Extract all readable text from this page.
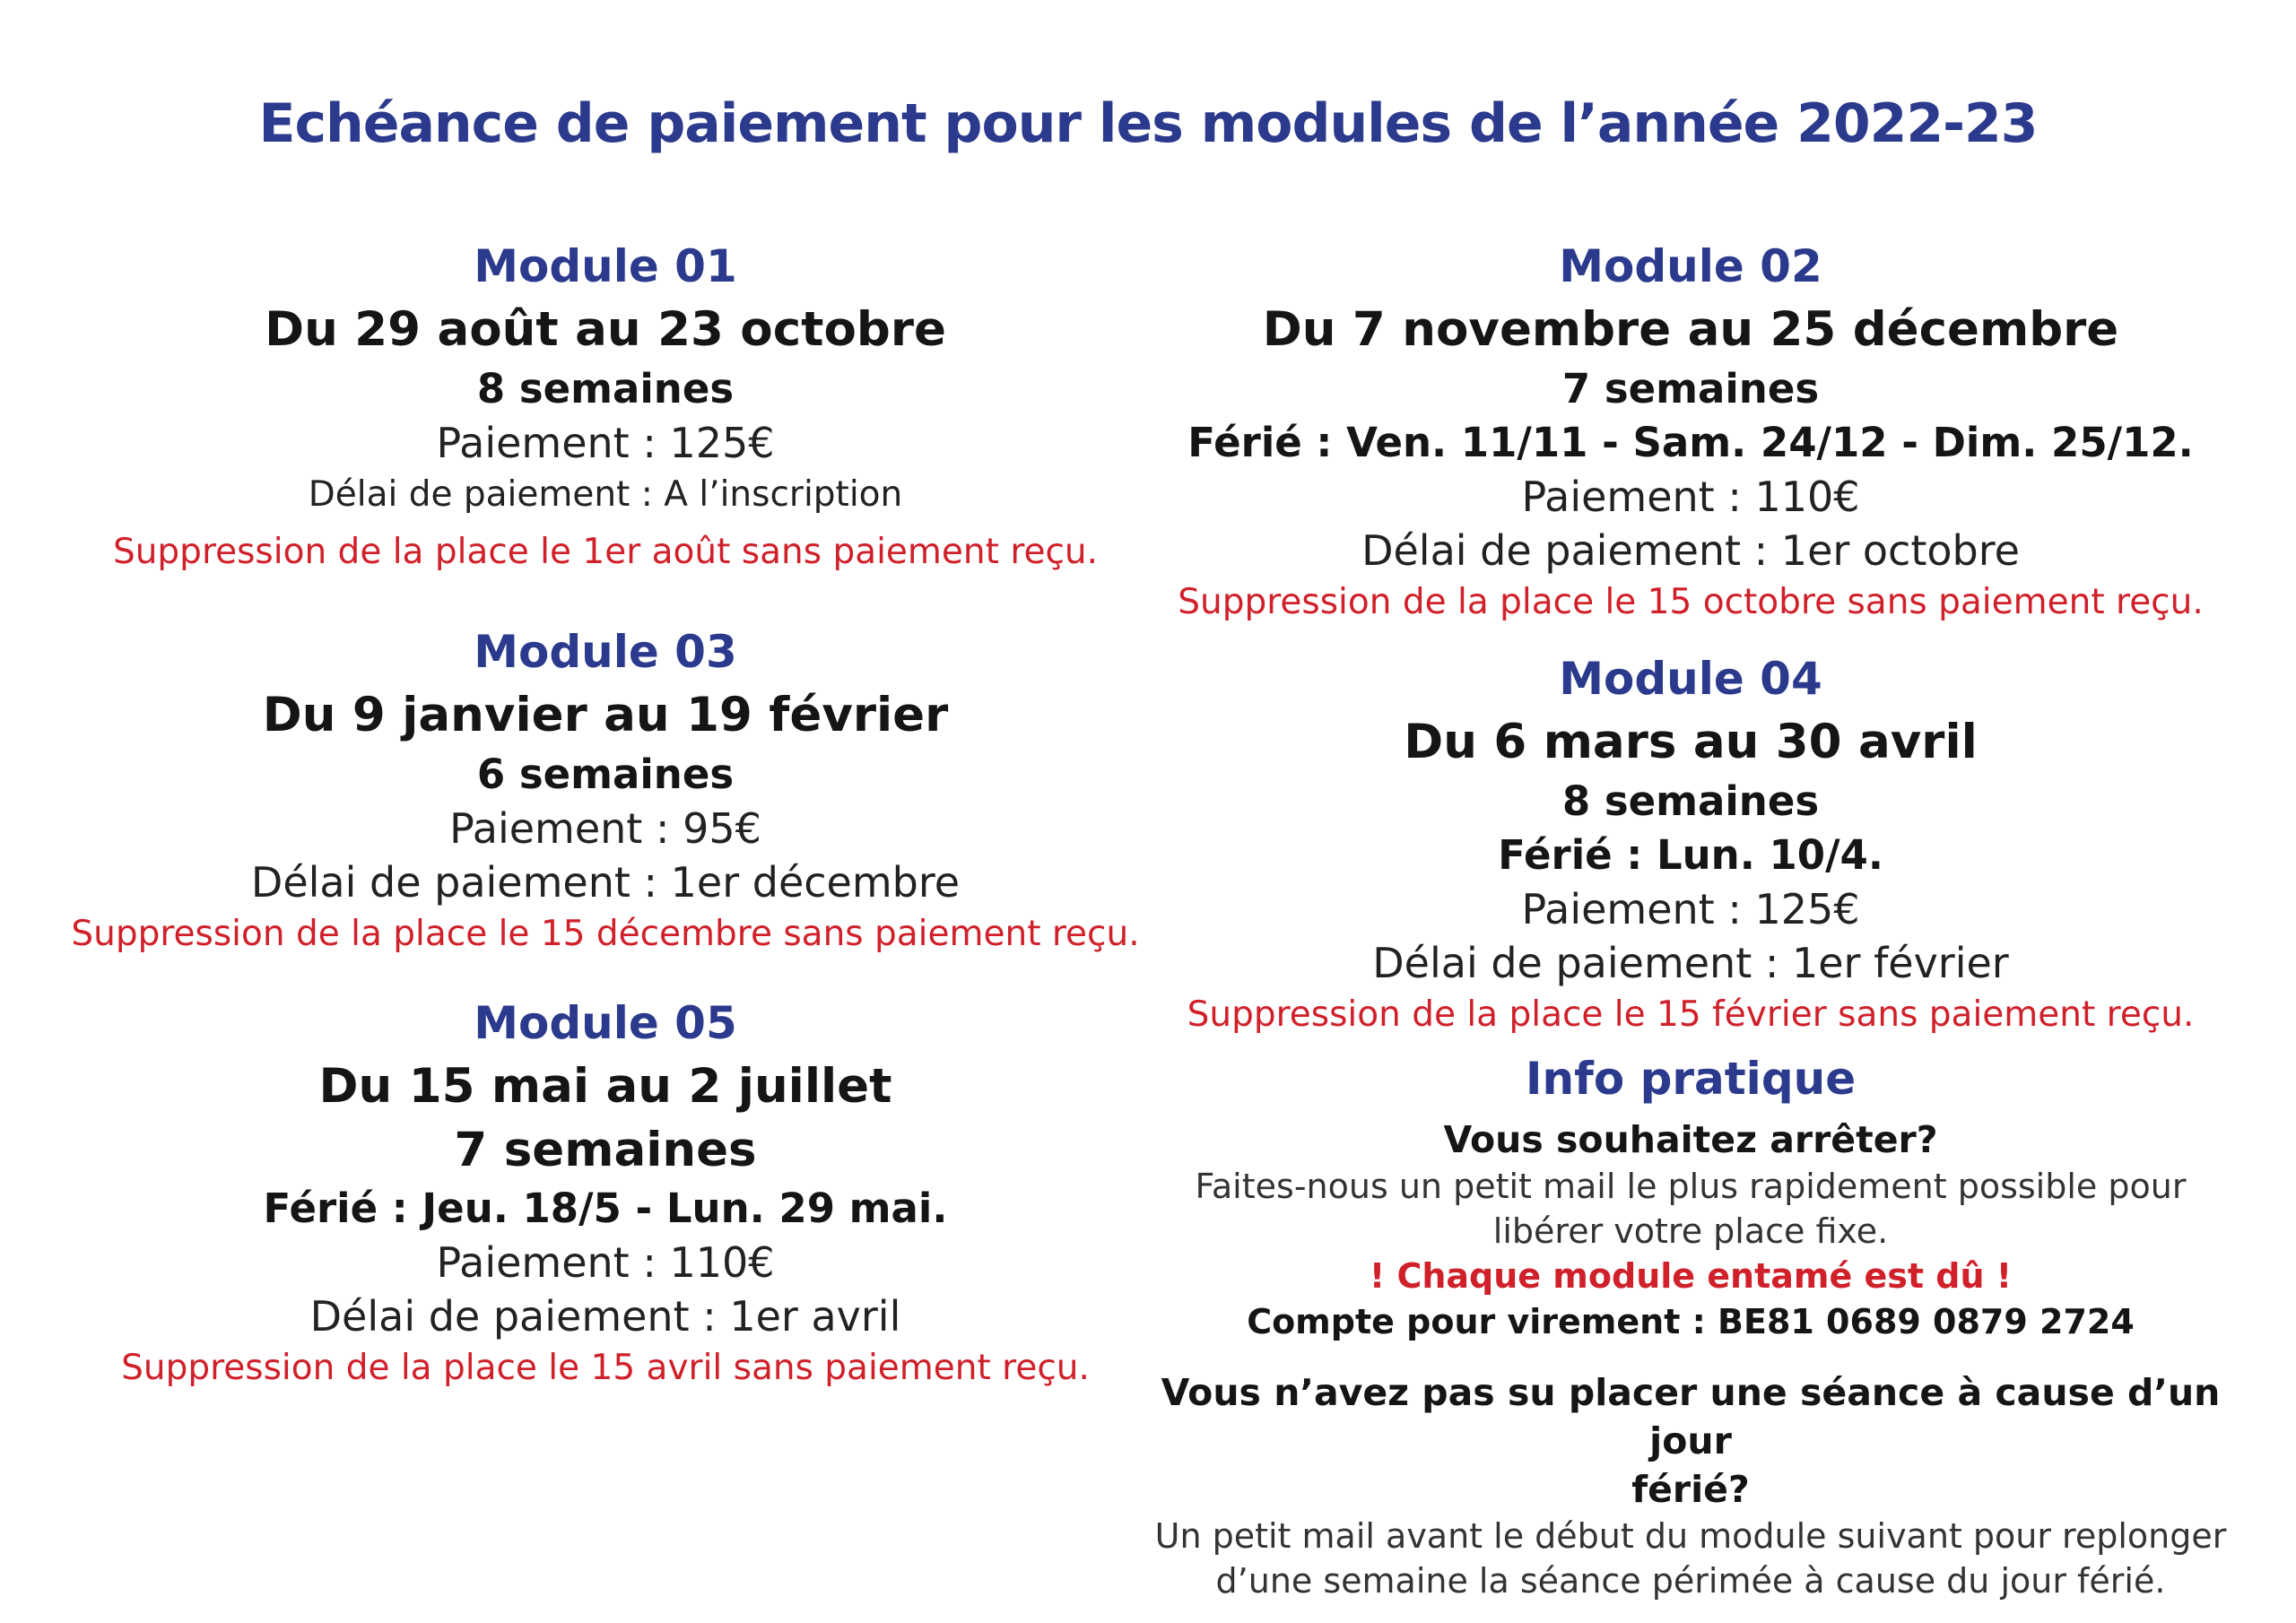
Echéance de paiement pour les modules de l’année 2022-23
Module 01
Du 29 août au 23 octobre
8 semaines
Paiement : 125€
Délai de paiement : A l’inscription
Suppression de la place le 1er août sans paiement reçu.
Module 03
Du 9 janvier au 19 février
6 semaines
Paiement : 95€
Délai de paiement : 1er décembre
Suppression de la place le 15 décembre sans paiement reçu.
Module 05
Du 15 mai au 2 juillet
7 semaines
Férié : Jeu. 18/5 - Lun. 29 mai.
Paiement : 110€
Délai de paiement : 1er avril
Suppression de la place le 15 avril sans paiement reçu.
Module 02
Du 7 novembre au 25 décembre
7 semaines
Férié : Ven. 11/11 - Sam. 24/12 - Dim. 25/12.
Paiement : 110€
Délai de paiement : 1er octobre
Suppression de la place le 15 octobre sans paiement reçu.
Module 04
Du 6 mars au 30 avril
8 semaines
Férié : Lun. 10/4.
Paiement : 125€
Délai de paiement : 1er février
Suppression de la place le 15 février sans paiement reçu.
Info pratique
Vous souhaitez arrêter?
Faites-nous un petit mail le plus rapidement possible pour
libérer votre place fixe.
! Chaque module entamé est dû !
Compte pour virement : BE81 0689 0879 2724
Vous n’avez pas su placer une séance à cause d’un jour
férié?
Un petit mail avant le début du module suivant pour replonger
d’une semaine la séance périmée à cause du jour férié.
